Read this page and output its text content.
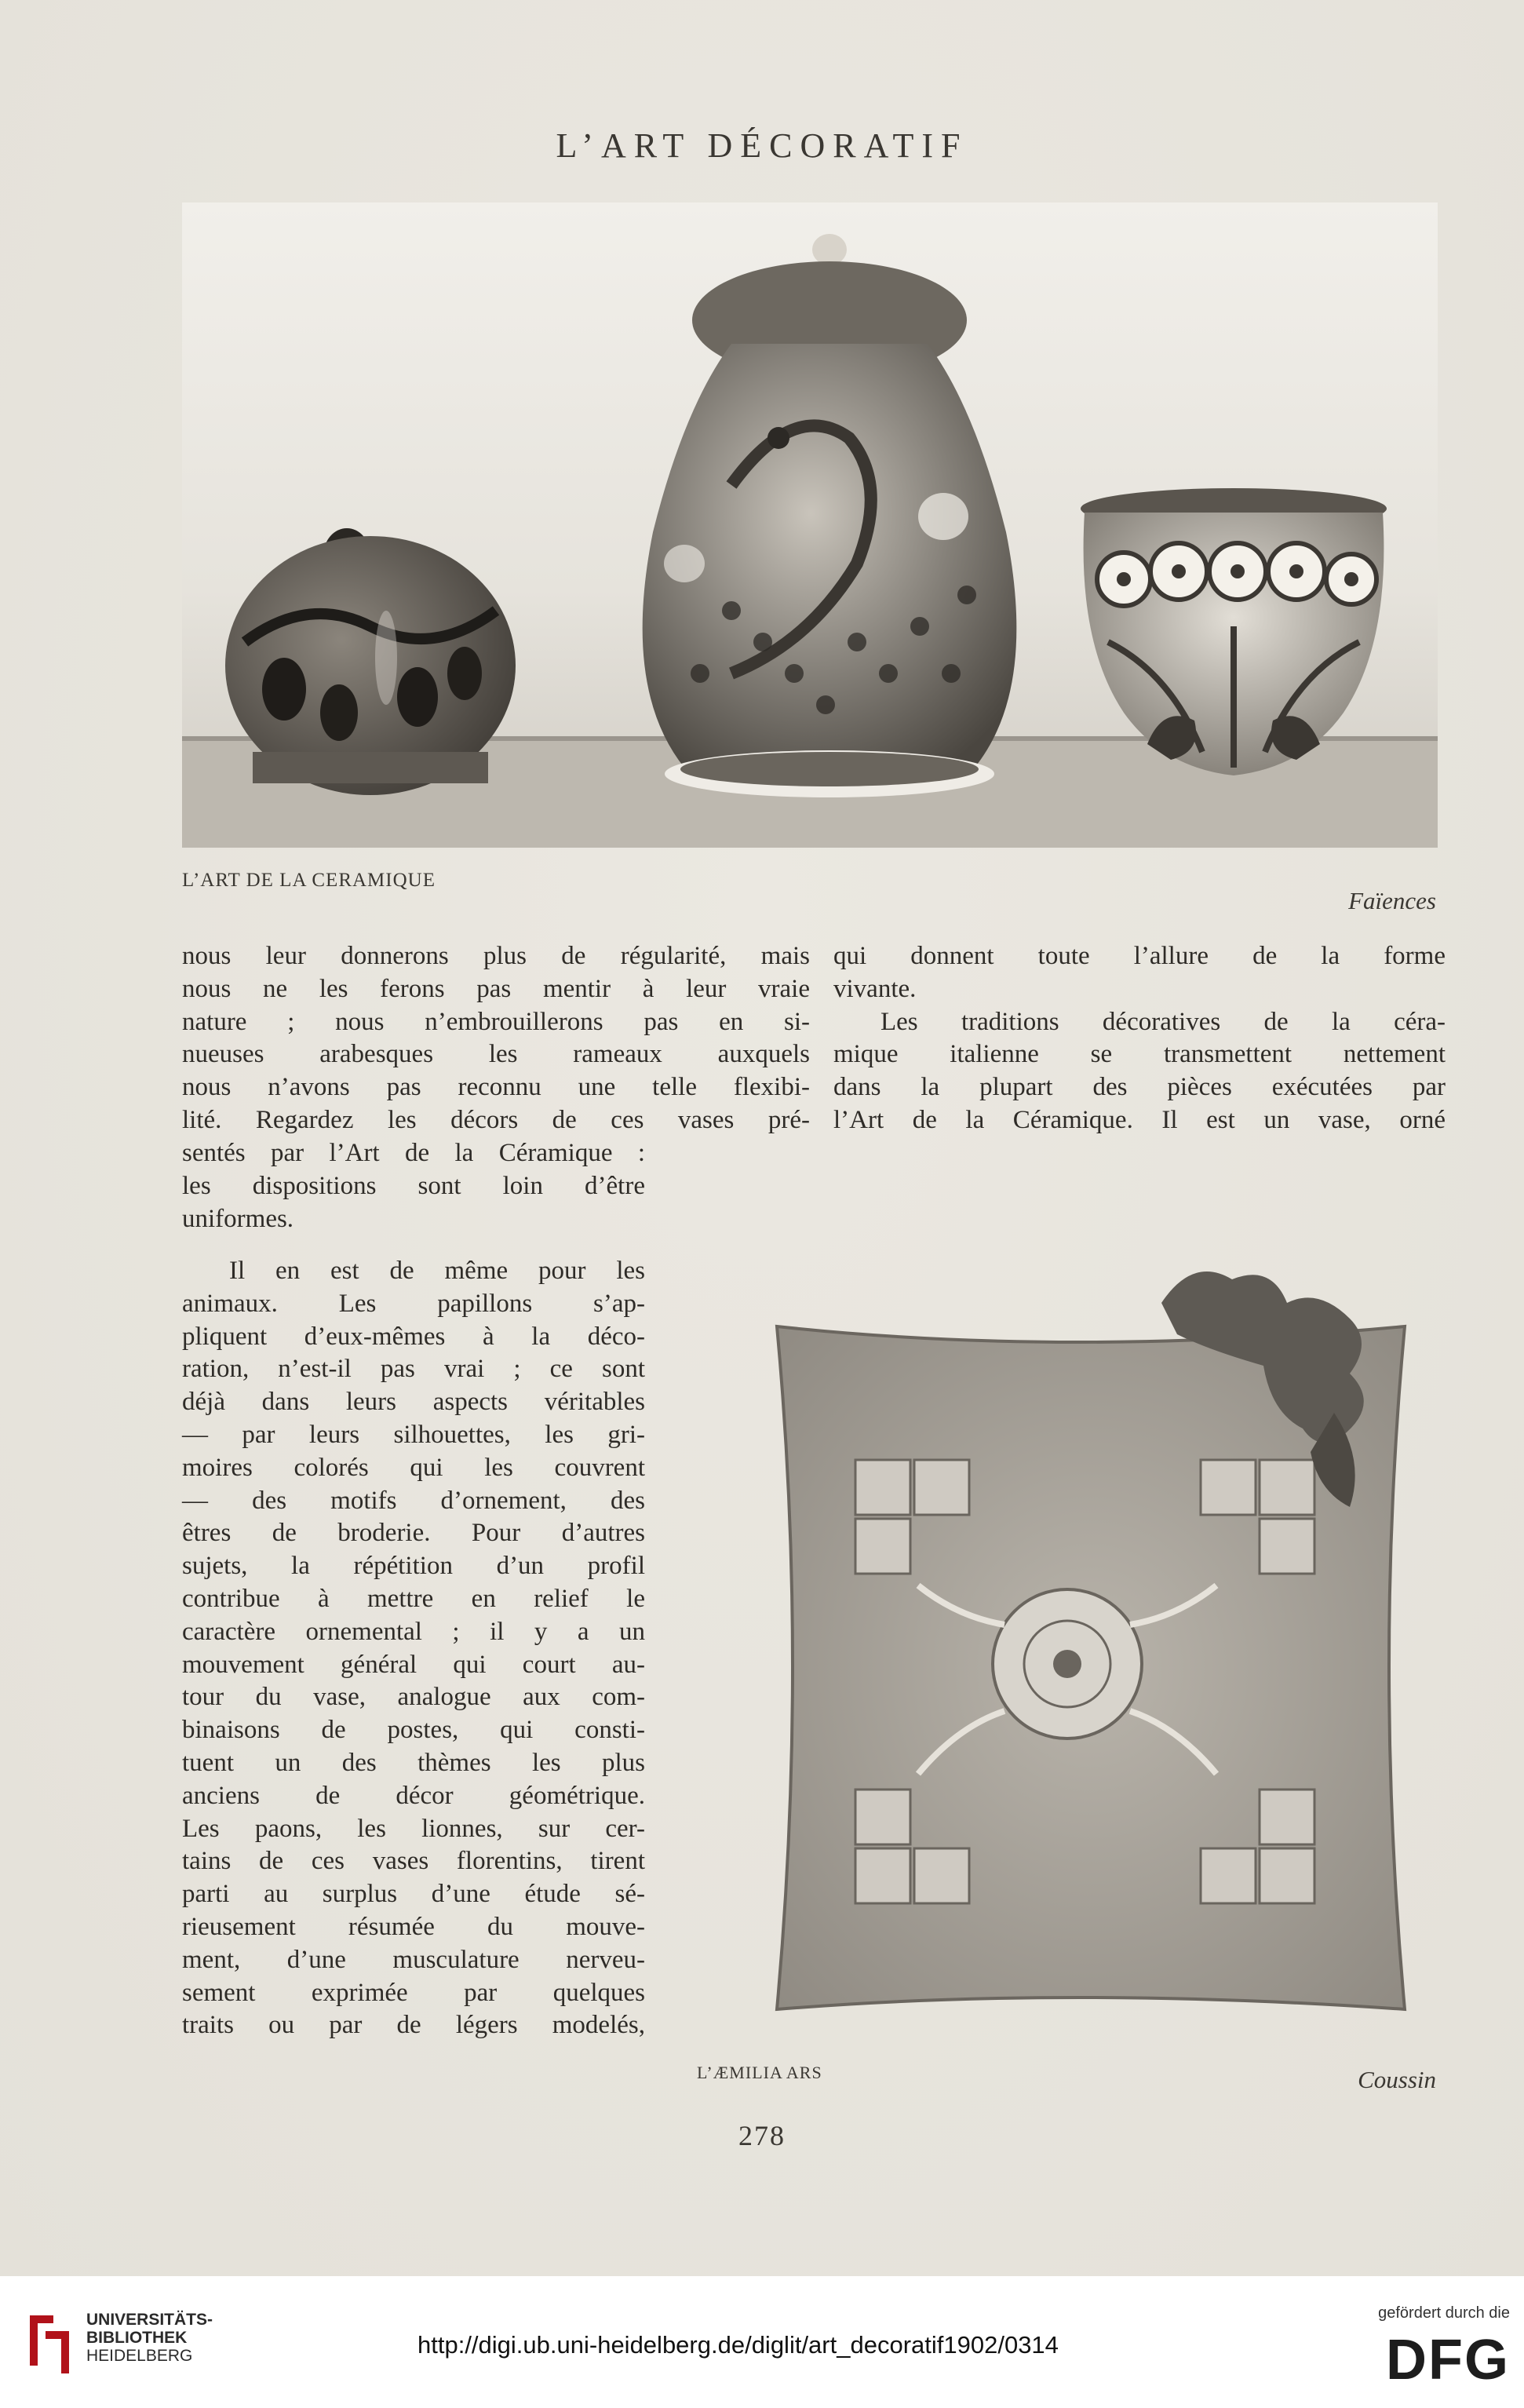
L’ART DÉCORATIF
L’ART DE LA CERAMIQUE
Faïences
nous leur donnerons plus de régularité, mais
nous ne les ferons pas mentir à leur vraie
nature ; nous n’embrouillerons pas en si-
nueuses arabesques les rameaux auxquels
nous n’avons pas reconnu une telle flexibi-
lité. Regardez les décors de ces vases pré-
sentés par l’Art de la Céramique :
les dispositions sont loin d’être
uniformes.
Il en est de même pour les
animaux. Les papillons s’ap-
pliquent d’eux-mêmes à la déco-
ration, n’est-il pas vrai ; ce sont
déjà dans leurs aspects véritables
— par leurs silhouettes, les gri-
moires colorés qui les couvrent
— des motifs d’ornement, des
êtres de broderie. Pour d’autres
sujets, la répétition d’un profil
contribue à mettre en relief le
caractère ornemental ; il y a un
mouvement général qui court au-
tour du vase, analogue aux com-
binaisons de postes, qui consti-
tuent un des thèmes les plus
anciens de décor géométrique.
Les paons, les lionnes, sur cer-
tains de ces vases florentins, tirent
parti au surplus d’une étude sé-
rieusement résumée du mouve-
ment, d’une musculature nerveu-
sement exprimée par quelques
traits ou par de légers modelés,
qui donnent toute l’allure de la forme
vivante.
Les traditions décoratives de la céra-
mique italienne se transmettent nettement
dans la plupart des pièces exécutées par
l’Art de la Céramique. Il est un vase, orné
L’ÆMILIA ARS	Coussin
278
UNIVERSITÄTS-
BIBLIOTHEK
HEIDELBERG	http://digi.ub.uni-heidelberg.de/diglit/art_decoratif1902/0314
gefördert durch die
DFG
